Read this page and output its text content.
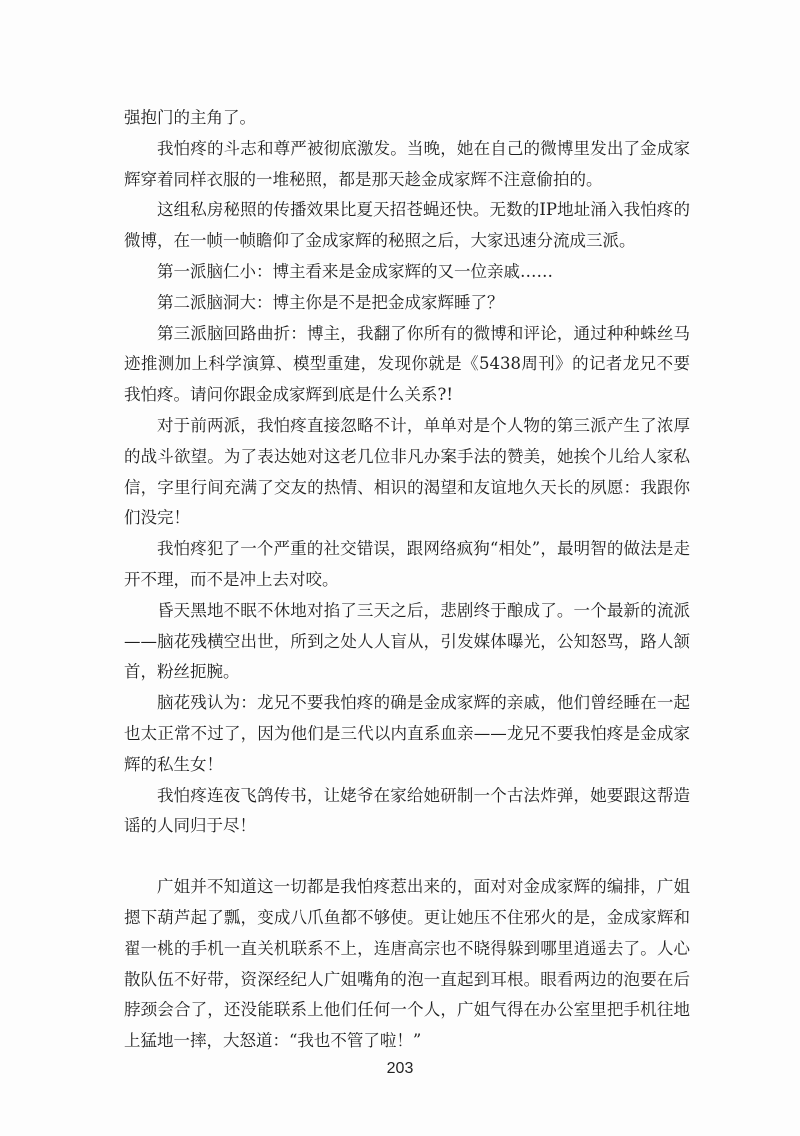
强抱门的主角了。

我怕疼的斗志和尊严被彻底激发。当晚，她在自己的微博里发出了金成家辉穿着同样衣服的一堆秘照，都是那天趁金成家辉不注意偷拍的。

这组私房秘照的传播效果比夏天招苍蝇还快。无数的IP地址涌入我怕疼的微博，在一帧一帧瞻仰了金成家辉的秘照之后，大家迅速分流成三派。

第一派脑仁小：博主看来是金成家辉的又一位亲戚……

第二派脑洞大：博主你是不是把金成家辉睡了？

第三派脑回路曲折：博主，我翻了你所有的微博和评论，通过种种蛛丝马迹推测加上科学演算、模型重建，发现你就是《5438周刊》的记者龙兄不要我怕疼。请问你跟金成家辉到底是什么关系?!

对于前两派，我怕疼直接忽略不计，单单对是个人物的第三派产生了浓厚的战斗欲望。为了表达她对这老几位非凡办案手法的赞美，她挨个儿给人家私信，字里行间充满了交友的热情、相识的渴望和友谊地久天长的夙愿：我跟你们没完！

我怕疼犯了一个严重的社交错误，跟网络疯狗“相处”，最明智的做法是走开不理，而不是冲上去对咬。

昏天黑地不眠不休地对掐了三天之后，悲剧终于酿成了。一个最新的流派——脑花残横空出世，所到之处人人盲从，引发媒体曝光，公知怒骂，路人颔首，粉丝扼腕。

脑花残认为：龙兄不要我怕疼的确是金成家辉的亲戚，他们曾经睡在一起也太正常不过了，因为他们是三代以内直系血亲——龙兄不要我怕疼是金成家辉的私生女！

我怕疼连夜飞鸽传书，让姥爷在家给她研制一个古法炸弹，她要跟这帮造谣的人同归于尽！

广姐并不知道这一切都是我怕疼惹出来的，面对对金成家辉的编排，广姐摁下葫芦起了瓢，变成八爪鱼都不够使。更让她压不住邪火的是，金成家辉和翟一桃的手机一直关机联系不上，连唐高宗也不晓得躲到哪里逍遥去了。人心散队伍不好带，资深经纪人广姐嘴角的泡一直起到耳根。眼看两边的泡要在后脖颈会合了，还没能联系上他们任何一个人，广姐气得在办公室里把手机往地上猛地一摔，大怒道：“我也不管了啦！”

203
